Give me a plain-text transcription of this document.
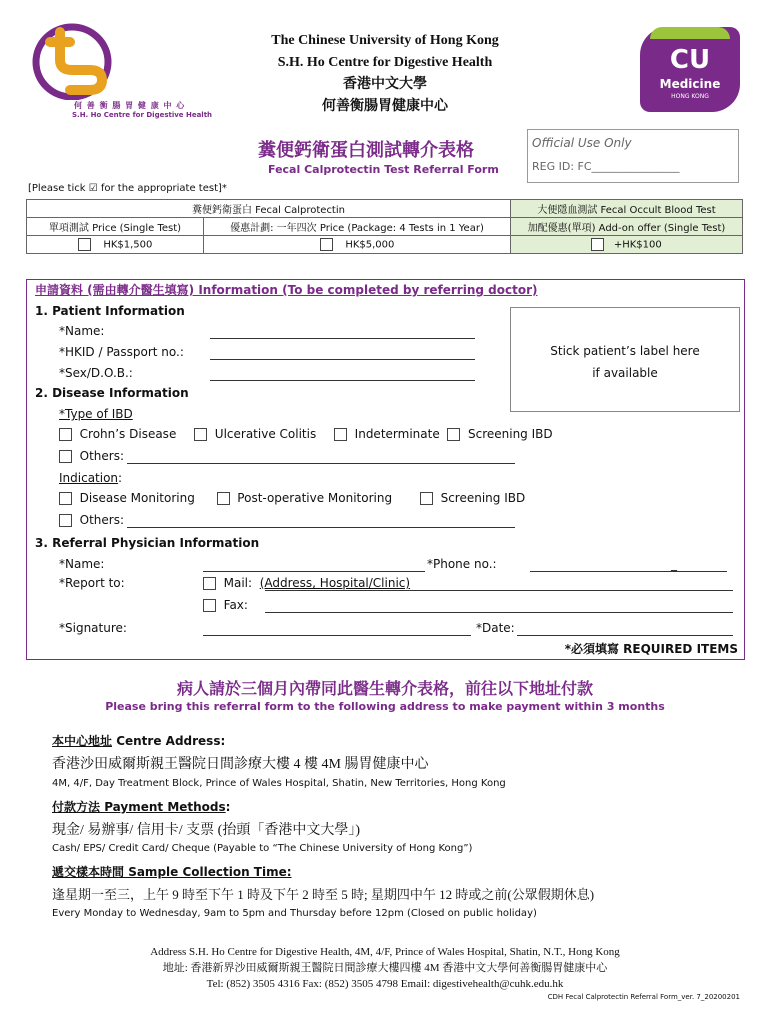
何 善 衡 腸 胃 健 康 中 心
S.H. Ho Centre for Digestive Health
The Chinese University of Hong Kong
S.H. Ho Centre for Digestive Health
香港中文大學
何善衡腸胃健康中心
CU
Medicine
HONG KONG
糞便鈣衛蛋白測試轉介表格
Fecal Calprotectin Test Referral Form
Official Use Only
REG ID: FC________________
[Please tick ☑ for the appropriate test]*
糞便鈣衛蛋白 Fecal Calprotectin		大便隱血測試 Fecal Occult Blood Test
單項測試 Price (Single Test)	優惠計劃: 一年四次 Price (Package: 4 Tests in 1 Year)	加配優惠(單項) Add-on offer (Single Test)
HK$1,500	HK$5,000	+HK$100
申請資料 (需由轉介醫生填寫) Information (To be completed by referring doctor)
1. Patient Information
*Name:
*HKID / Passport no.:
*Sex/D.O.B.:
Stick patient’s label here
if available
2. Disease Information
*Type of IBD
Crohn’s Disease	Ulcerative Colitis	Indeterminate Screening IBD
Others:
Indication:
Disease Monitoring	Post-operative Monitoring	Screening IBD
Others:
3. Referral Physician Information
*Name:	*Phone no.:	_
*Report to:	Mail: (Address, Hospital/Clinic)
Fax:
*Signature:	*Date:
*必須填寫 REQUIRED ITEMS
病人請於三個月內帶同此醫生轉介表格，前往以下地址付款
Please bring this referral form to the following address to make payment within 3 months
本中心地址 Centre Address:
香港沙田威爾斯親王醫院日間診療大樓 4 樓 4M 腸胃健康中心
4M, 4/F, Day Treatment Block, Prince of Wales Hospital, Shatin, New Territories, Hong Kong
付款方法 Payment Methods:
現金/ 易辦事/ 信用卡/ 支票 (抬頭「香港中文大學」)
Cash/ EPS/ Credit Card/ Cheque (Payable to “The Chinese University of Hong Kong”)
遞交樣本時間 Sample Collection Time:
逢星期一至三，上午 9 時至下午 1 時及下午 2 時至 5 時; 星期四中午 12 時或之前(公眾假期休息)
Every Monday to Wednesday, 9am to 5pm and Thursday before 12pm (Closed on public holiday)
Address S.H. Ho Centre for Digestive Health, 4M, 4/F, Prince of Wales Hospital, Shatin, N.T., Hong Kong
地址: 香港新界沙田威爾斯親王醫院日間診療大樓四樓 4M 香港中文大學何善衡腸胃健康中心
Tel: (852) 3505 4316 Fax: (852) 3505 4798 Email: digestivehealth@cuhk.edu.hk
CDH Fecal Calprotectin Referral Form_ver. 7_20200201
